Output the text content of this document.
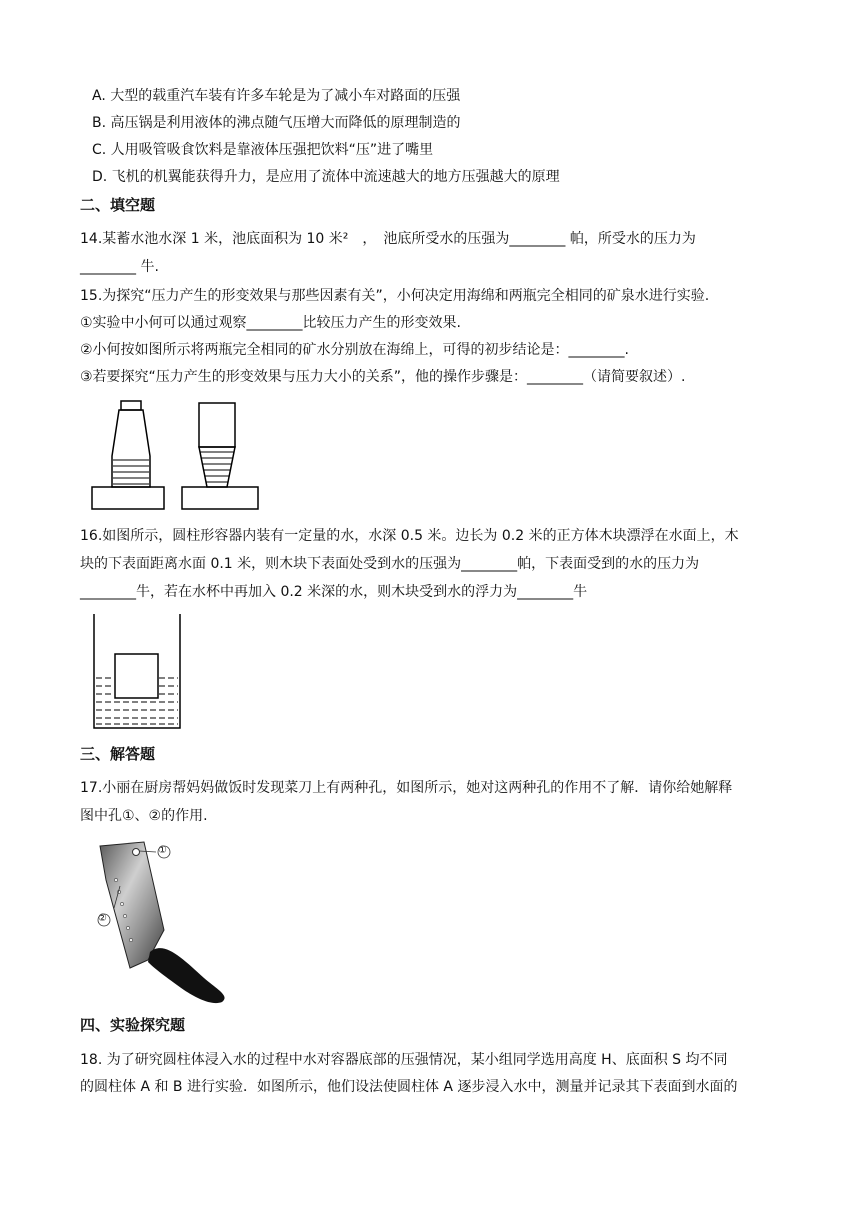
A. 大型的载重汽车装有许多车轮是为了减小车对路面的压强
B. 高压锅是利用液体的沸点随气压增大而降低的原理制造的
C. 人用吸管吸食饮料是靠液体压强把饮料“压”进了嘴里
D. 飞机的机翼能获得升力，是应用了流体中流速越大的地方压强越大的原理
二、填空题
14.某蓄水池水深 1 米，池底面积为 10 米²　，　池底所受水的压强为________ 帕，所受水的压力为
________ 牛.
15.为探究“压力产生的形变效果与那些因素有关”，小何决定用海绵和两瓶完全相同的矿泉水进行实验.
①实验中小何可以通过观察________比较压力产生的形变效果.
②小何按如图所示将两瓶完全相同的矿水分别放在海绵上，可得的初步结论是：________.
③若要探究“压力产生的形变效果与压力大小的关系”，他的操作步骤是：________（请简要叙述）.
16.如图所示，圆柱形容器内装有一定量的水，水深 0.5 米。边长为 0.2 米的正方体木块漂浮在水面上，木
块的下表面距离水面 0.1 米，则木块下表面处受到水的压强为________帕，下表面受到的水的压力为
________牛，若在水杯中再加入 0.2 米深的水，则木块受到水的浮力为________牛
三、解答题
17.小丽在厨房帮妈妈做饭时发现菜刀上有两种孔，如图所示，她对这两种孔的作用不了解．请你给她解释
图中孔①、②的作用.
①
②
四、实验探究题
18. 为了研究圆柱体浸入水的过程中水对容器底部的压强情况，某小组同学选用高度 H、底面积 S 均不同
的圆柱体 A 和 B 进行实验．如图所示，他们设法使圆柱体 A 逐步浸入水中，测量并记录其下表面到水面的
